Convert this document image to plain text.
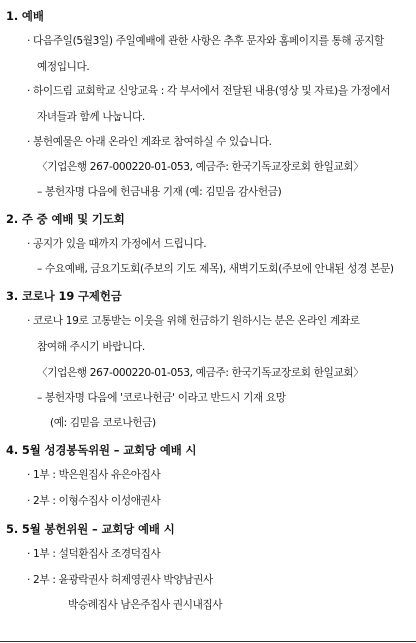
1. 예배
· 다음주일(5월3일) 주일예배에 관한 사항은 추후 문자와 홈페이지를 통해 공지할
예정입니다.
· 하이드림 교회학교 신앙교육 : 각 부서에서 전달된 내용(영상 및 자료)을 가정에서
자녀들과 함께 나눕니다.
· 봉헌예물은 아래 온라인 계좌로 참여하실 수 있습니다.
〈기업은행 267-000220-01-053, 예금주: 한국기독교장로회 한일교회〉
– 봉헌자명 다음에 헌금내용 기재 (예: 김믿음 감사헌금)
2. 주 중 예배 및 기도회
· 공지가 있을 때까지 가정에서 드립니다.
– 수요예배, 금요기도회(주보의 기도 제목), 새벽기도회(주보에 안내된 성경 본문)
3. 코로나 19 구제헌금
· 코로나 19로 고통받는 이웃을 위해 헌금하기 원하시는 분은 온라인 계좌로
참여해 주시기 바랍니다.
〈기업은행 267-000220-01-053, 예금주: 한국기독교장로회 한일교회〉
– 봉헌자명 다음에 '코로나헌금' 이라고 반드시 기재 요망
(예: 김믿음 코로나헌금)
4. 5월 성경봉독위원 – 교회당 예배 시
· 1부 : 박은원집사 유은아집사
· 2부 : 이형수집사 이성애권사
5. 5월 봉헌위원 – 교회당 예배 시
· 1부 : 설덕환집사 조경덕집사
· 2부 : 윤광락권사 허제영권사 박양남권사
박승례집사 남은주집사 권시내집사
